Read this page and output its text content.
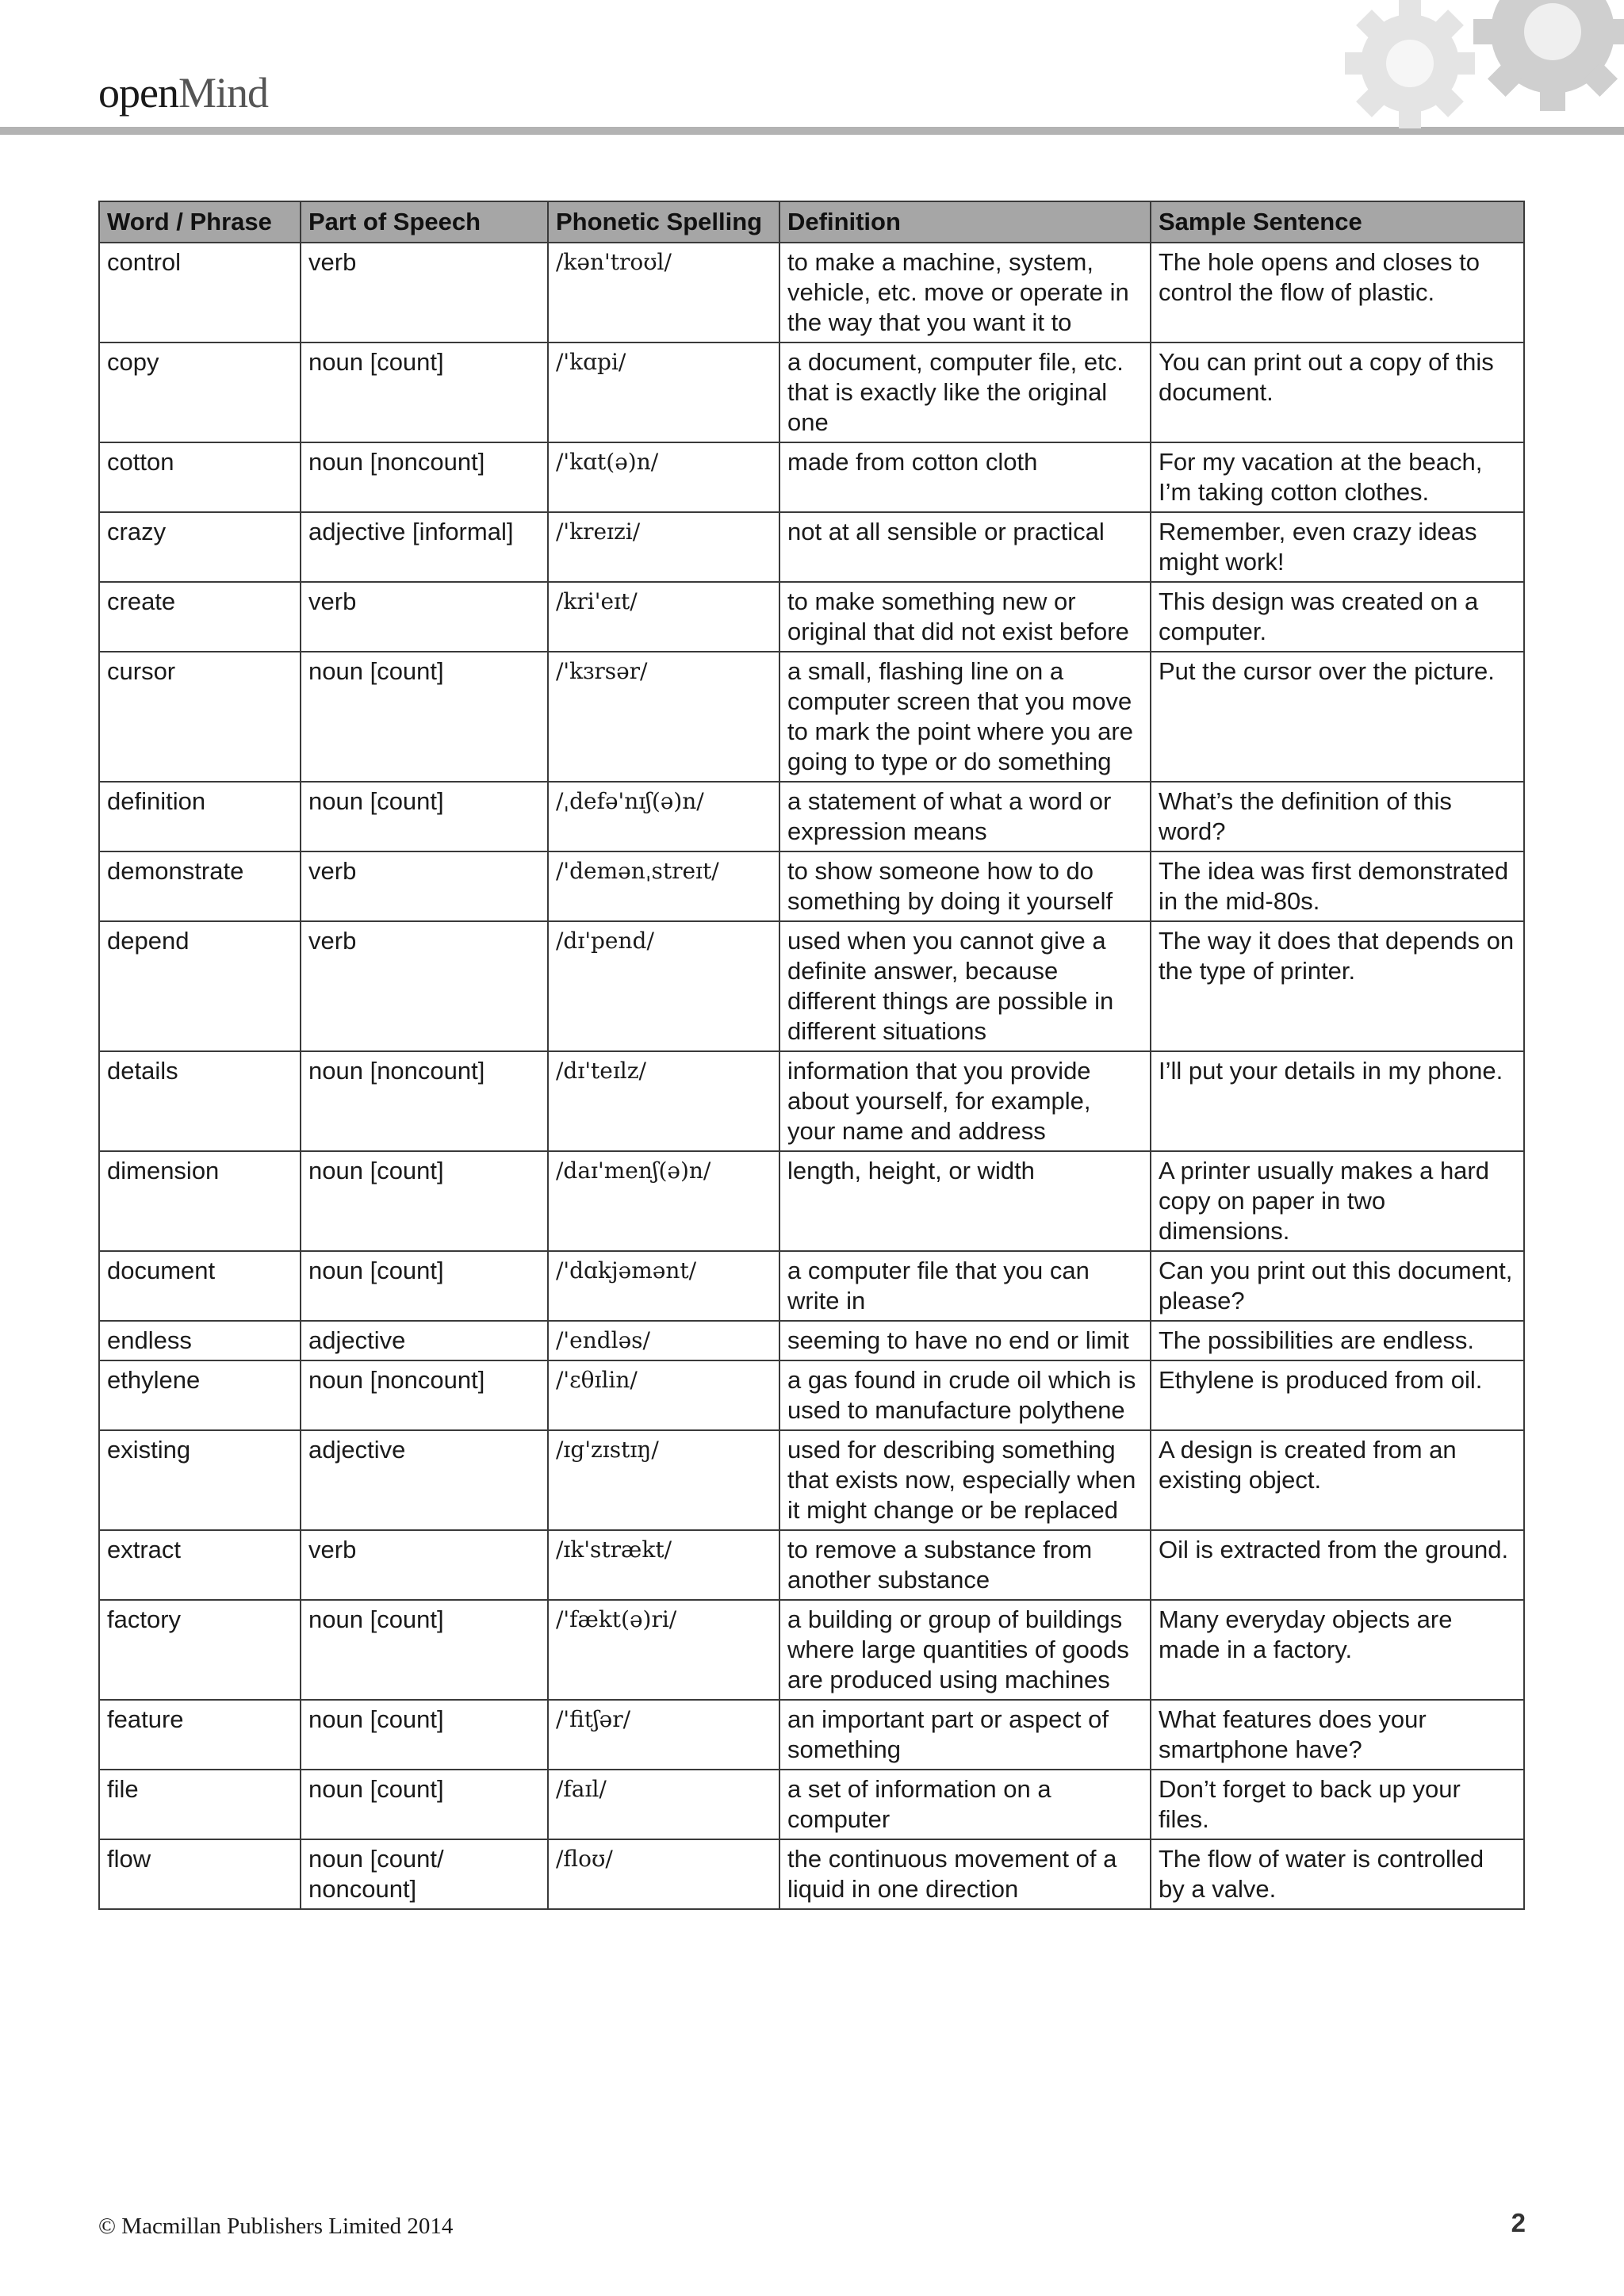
openMind
Word / Phrase	Part of Speech	Phonetic Spelling	Definition	Sample Sentence
control	verb	/kən'troʊl/	to make a machine, system, vehicle, etc. move or operate in the way that you want it to	The hole opens and closes to control the flow of plastic.
copy	noun [count]	/'kɑpi/	a document, computer file, etc. that is exactly like the original one	You can print out a copy of this document.
cotton	noun [noncount]	/'kɑt(ə)n/	made from cotton cloth	For my vacation at the beach, I’m taking cotton clothes.
crazy	adjective [informal]	/'kreɪzi/	not at all sensible or practical	Remember, even crazy ideas might work!
create	verb	/kri'eɪt/	to make something new or original that did not exist before	This design was created on a computer.
cursor	noun [count]	/'kɜrsər/	a small, flashing line on a computer screen that you move to mark the point where you are going to type or do something	Put the cursor over the picture.
definition	noun [count]	/ˌdefə'nɪʃ(ə)n/	a statement of what a word or expression means	What’s the definition of this word?
demonstrate	verb	/'demənˌstreɪt/	to show someone how to do something by doing it yourself	The idea was first demonstrated in the mid-80s.
depend	verb	/dɪ'pend/	used when you cannot give a definite answer, because different things are possible in different situations	The way it does that depends on the type of printer.
details	noun [noncount]	/dɪ'teɪlz/	information that you provide about yourself, for example, your name and address	I’ll put your details in my phone.
dimension	noun [count]	/daɪ'menʃ(ə)n/	length, height, or width	A printer usually makes a hard copy on paper in two dimensions.
document	noun [count]	/'dɑkjəmənt/	a computer file that you can write in	Can you print out this document, please?
endless	adjective	/'endləs/	seeming to have no end or limit	The possibilities are endless.
ethylene	noun [noncount]	/'ɛθɪlin/	a gas found in crude oil which is used to manufacture polythene	Ethylene is produced from oil.
existing	adjective	/ɪg'zɪstɪŋ/	used for describing something that exists now, especially when it might change or be replaced	A design is created from an existing object.
extract	verb	/ɪk'strækt/	to remove a substance from another substance	Oil is extracted from the ground.
factory	noun [count]	/'fækt(ə)ri/	a building or group of buildings where large quantities of goods are produced using machines	Many everyday objects are made in a factory.
feature	noun [count]	/'fitʃər/	an important part or aspect of something	What features does your smartphone have?
file	noun [count]	/faɪl/	a set of information on a computer	Don’t forget to back up your files.
flow	noun [count/ noncount]	/floʊ/	the continuous movement of a liquid in one direction	The flow of water is controlled by a valve.
© Macmillan Publishers Limited 2014	2
